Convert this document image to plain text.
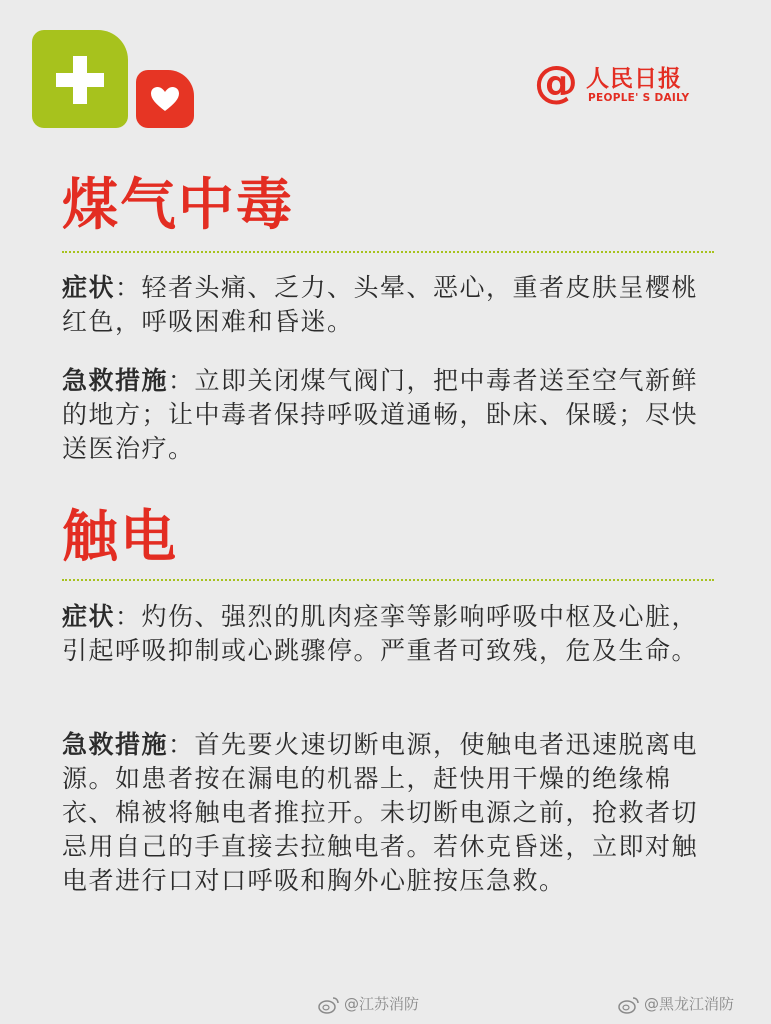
@ 人民日报
PEOPLE' S DAILY
煤气中毒
症状：轻者头痛、乏力、头晕、恶心，重者皮肤呈樱桃红色，呼吸困难和昏迷。
急救措施：立即关闭煤气阀门，把中毒者送至空气新鲜的地方；让中毒者保持呼吸道通畅，卧床、保暖；尽快送医治疗。
触电
症状：灼伤、强烈的肌肉痉挛等影响呼吸中枢及心脏，引起呼吸抑制或心跳骤停。严重者可致残，危及生命。
急救措施：首先要火速切断电源，使触电者迅速脱离电源。如患者按在漏电的机器上，赶快用干燥的绝缘棉衣、棉被将触电者推拉开。未切断电源之前，抢救者切忌用自己的手直接去拉触电者。若休克昏迷，立即对触电者进行口对口呼吸和胸外心脏按压急救。
@江苏消防	@黑龙江消防
